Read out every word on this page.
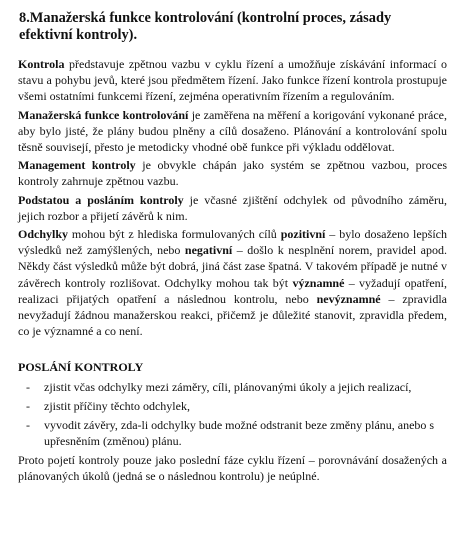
8.Manažerská funkce kontrolování (kontrolní proces, zásady
efektivní kontroly).

Kontrola představuje zpětnou vazbu v cyklu řízení a umožňuje získávání informací o stavu a pohybu jevů, které jsou předmětem řízení. Jako funkce řízení kontrola prostupuje všemi ostatními funkcemi řízení, zejména operativním řízením a regulováním.

Manažerská funkce kontrolování je zaměřena na měření a korigování vykonané práce, aby bylo jisté, že plány budou plněny a cílů dosaženo. Plánování a kontrolování spolu těsně souvisejí, přesto je metodicky vhodné obě funkce při výkladu oddělovat.

Management kontroly je obvykle chápán jako systém se zpětnou vazbou, proces kontroly zahrnuje zpětnou vazbu.

Podstatou a posláním kontroly je včasné zjištění odchylek od původního záměru, jejich rozbor a přijetí závěrů k nim.

Odchylky mohou být z hlediska formulovaných cílů pozitivní – bylo dosaženo lepších výsledků než zamýšlených, nebo negativní – došlo k nesplnění norem, pravidel apod. Někdy část výsledků může být dobrá, jiná část zase špatná. V takovém případě je nutné v závěrech kontroly rozlišovat. Odchylky mohou tak být významné – vyžadují opatření, realizaci přijatých opatření a následnou kontrolu, nebo nevýznamné – zpravidla nevyžadují žádnou manažerskou reakci, přičemž je důležité stanovit, zpravidla předem, co je významné a co není.

POSLÁNÍ KONTROLY
- zjistit včas odchylky mezi záměry, cíli, plánovanými úkoly a jejich realizací,
- zjistit příčiny těchto odchylek,
- vyvodit závěry, zda-li odchylky bude možné odstranit beze změny plánu, anebo s upřesněním (změnou) plánu.

Proto pojetí kontroly pouze jako poslední fáze cyklu řízení – porovnávání dosažených a plánovaných úkolů (jedná se o následnou kontrolu) je neúplné.
